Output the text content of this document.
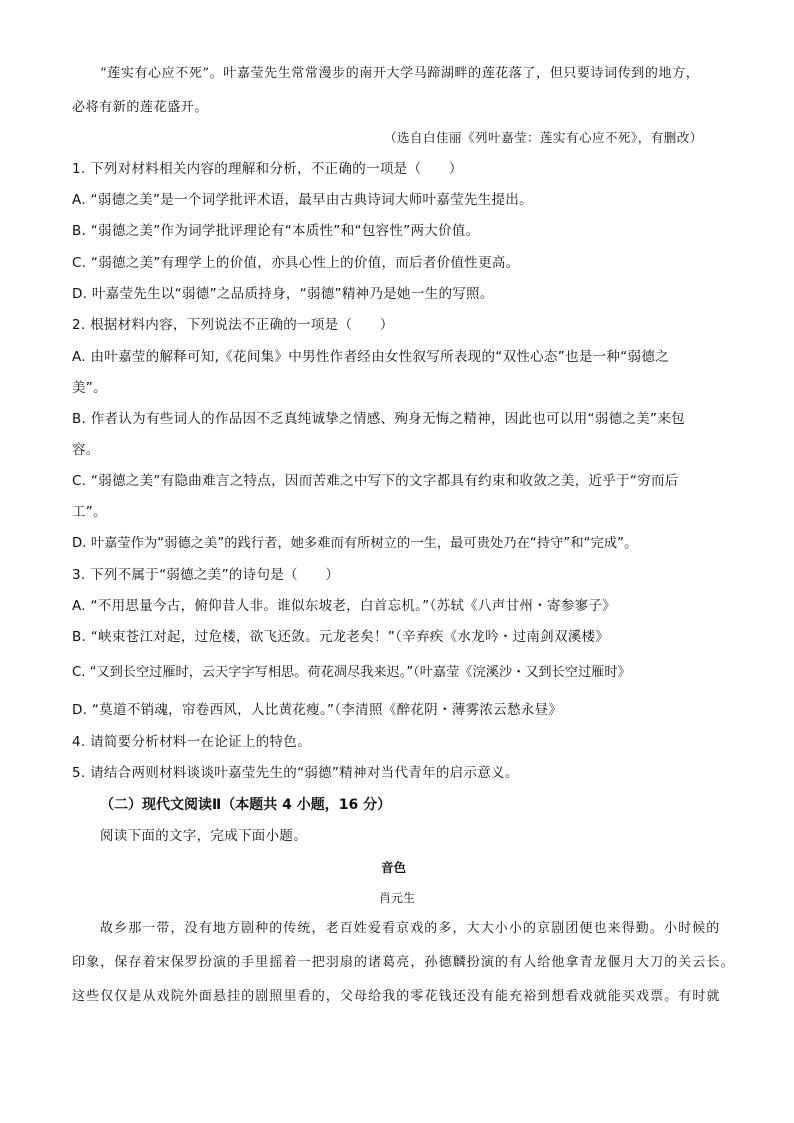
“莲实有心应不死”。叶嘉莹先生常常漫步的南开大学马蹄湖畔的莲花落了，但只要诗词传到的地方，
必将有新的莲花盛开。
（选自白佳丽《列叶嘉莹：莲实有心应不死》，有删改）
1. 下列对材料相关内容的理解和分析，不正确的一项是（　　）
A. “弱德之美”是一个词学批评术语，最早由古典诗词大师叶嘉莹先生提出。
B. “弱德之美”作为词学批评理论有“本质性”和“包容性”两大价值。
C. “弱德之美”有理学上的价值，亦具心性上的价值，而后者价值性更高。
D. 叶嘉莹先生以“弱德”之品质持身，“弱德”精神乃是她一生的写照。
2. 根据材料内容，下列说法不正确的一项是（　　）
A. 由叶嘉莹的解释可知,《花间集》中男性作者经由女性叙写所表现的“双性心态”也是一种“弱德之
美”。
B. 作者认为有些词人的作品因不乏真纯诚挚之情感、殉身无悔之精神，因此也可以用“弱德之美”来包
容。
C. “弱德之美”有隐曲难言之特点，因而苦难之中写下的文字都具有约束和收敛之美，近乎于“穷而后
工”。
D. 叶嘉莹作为“弱德之美”的践行者，她多难而有所树立的一生，最可贵处乃在“持守”和“完成”。
3. 下列不属于“弱德之美”的诗句是（　　）
A. “不用思量今古，俯仰昔人非。谁似东坡老，白首忘机。”（苏轼《八声甘州・寄参寥子》
B. “峡束苍江对起，过危楼，欲飞还敛。元龙老矣！”（辛弃疾《水龙吟・过南剑双溪楼》
C. “又到长空过雁时，云天字字写相思。荷花凋尽我来迟。”（叶嘉莹《浣溪沙・又到长空过雁时》
D. “莫道不销魂，帘卷西风，人比黄花瘦。”（李清照《醉花阴・薄雾浓云愁永昼》
4. 请简要分析材料一在论证上的特色。
5. 请结合两则材料谈谈叶嘉莹先生的“弱德”精神对当代青年的启示意义。
（二）现代文阅读Ⅱ（本题共 4 小题，16 分）
阅读下面的文字，完成下面小题。
音色
肖元生
故乡那一带，没有地方剧种的传统，老百姓爱看京戏的多，大大小小的京剧团便也来得勤。小时候的
印象，保存着宋保罗扮演的手里摇着一把羽扇的诸葛亮，孙德麟扮演的有人给他拿青龙偃月大刀的关云长。
这些仅仅是从戏院外面悬挂的剧照里看的，父母给我的零花钱还没有能充裕到想看戏就能买戏票。有时就
